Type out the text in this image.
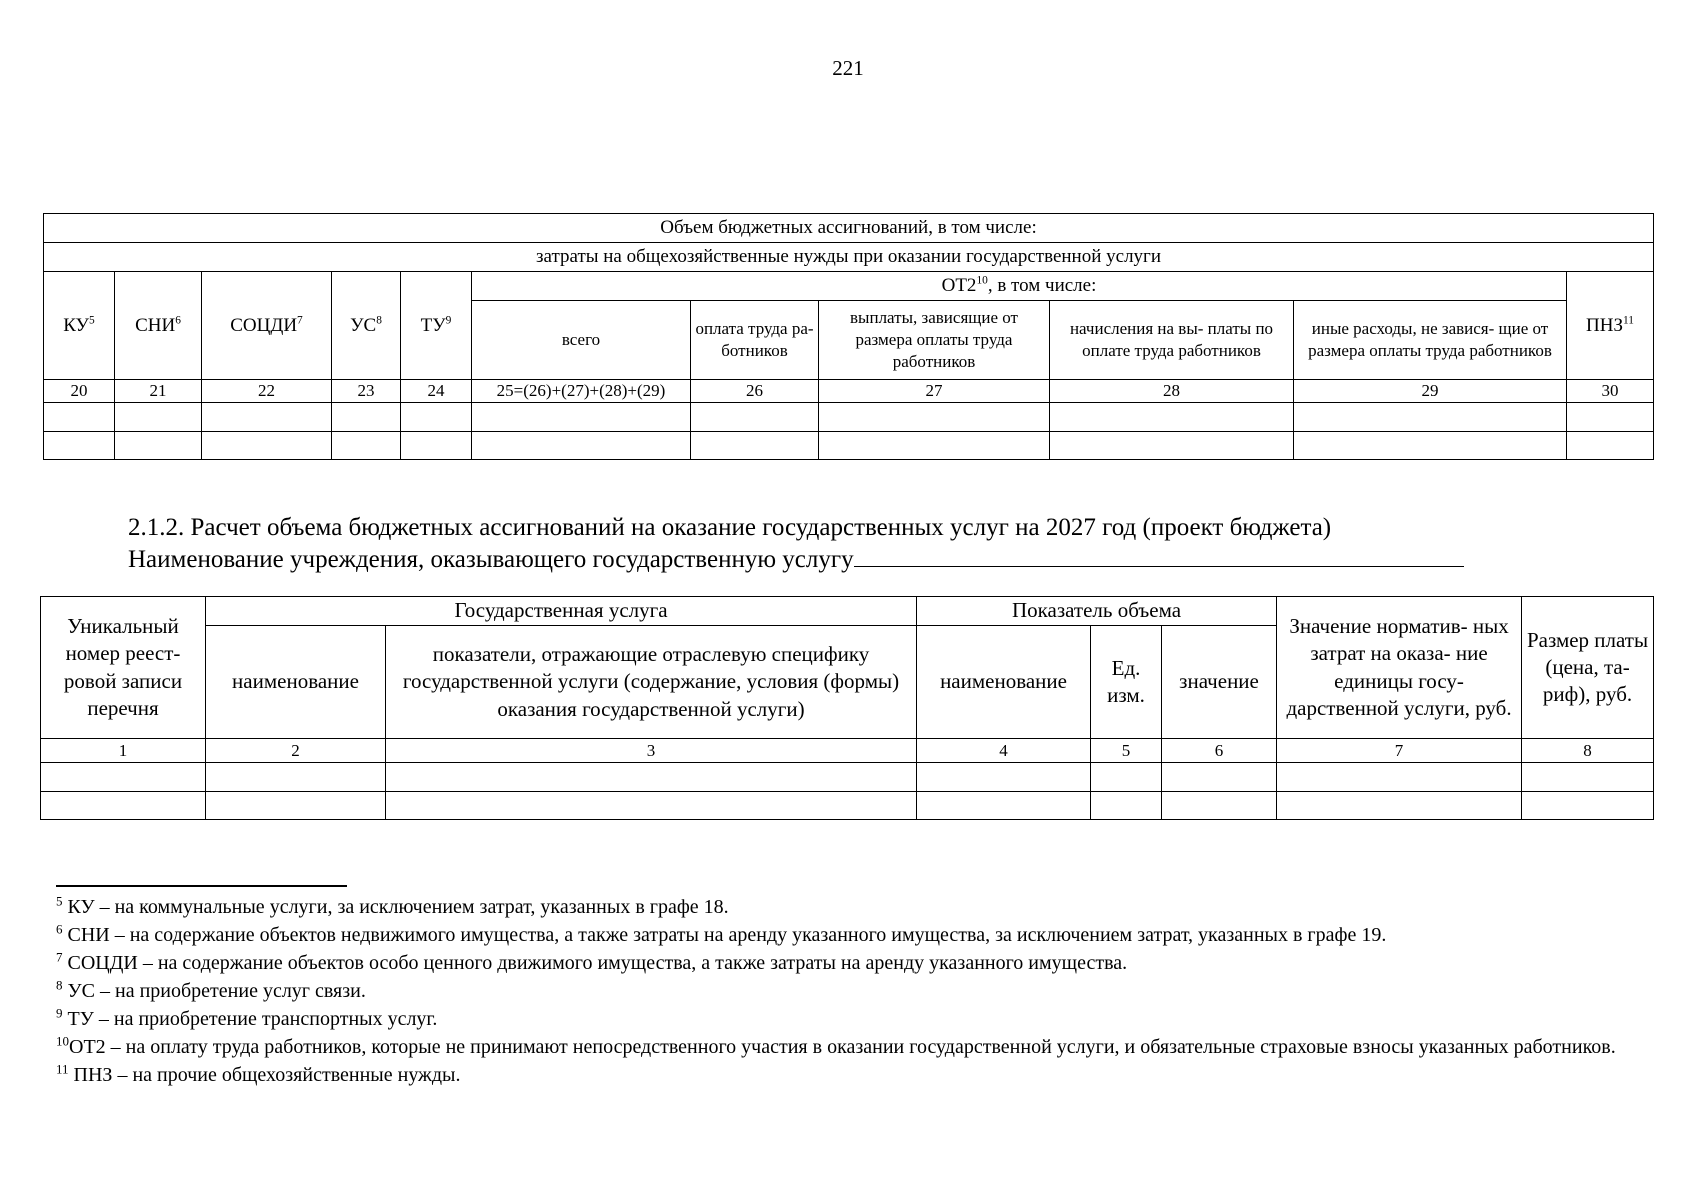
221
Объем бюджетных ассигнований, в том числе:										
затраты на общехозяйственные нужды при оказании государственной услуги										
$КУ^5$	СНИ$^6$	СОЦДИ$^7$	$УС^8$	$ТУ^9$	$ОТ2^{10}$, в том числе:					ПНЗ$^{11}$
					всего	оплата труда ра- ботников	выплаты, зависящие от размера оплаты труда работников	начисления на вы- платы по оплате труда работников	иные расходы, не завися- щие от размера оплаты труда работников	
20	21	22	23	24	25=(26)+(27)+(28)+(29)	26	27	28	29	30

2.1.2. Расчет объема бюджетных ассигнований на оказание государственных услуг на 2027 год (проект бюджета)
Наименование учреждения, оказывающего государственную услугу
Уникальный номер реест- ровой записи перечня	Государственная услуга		Показатель объема			Значение норматив- ных затрат на оказа- ние единицы госу- дарственной услуги, руб.	Размер платы (цена, та- риф), руб.
	наименование	показатели, отражающие отраслевую специфику государственной услуги (содержание, условия (формы) оказания государственной услуги)	наименование	Ед. изм.	значение		
1	2	3	4	5	6	7	8

$^5$ КУ – на коммунальные услуги, за исключением затрат, указанных в графе 18.

$^6$ СНИ – на содержание объектов недвижимого имущества, а также затраты на аренду указанного имущества, за исключением затрат, указанных в графе 19.

$^7$ СОЦДИ – на содержание объектов особо ценного движимого имущества, а также затраты на аренду указанного имущества.

$^8$ УС – на приобретение услуг связи.

$^9$ ТУ – на приобретение транспортных услуг.

$^{10}$ОТ2 – на оплату труда работников, которые не принимают непосредственного участия в оказании государственной услуги, и обязательные страховые взносы указанных работников.

$^{11}$ ПНЗ – на прочие общехозяйственные нужды.
